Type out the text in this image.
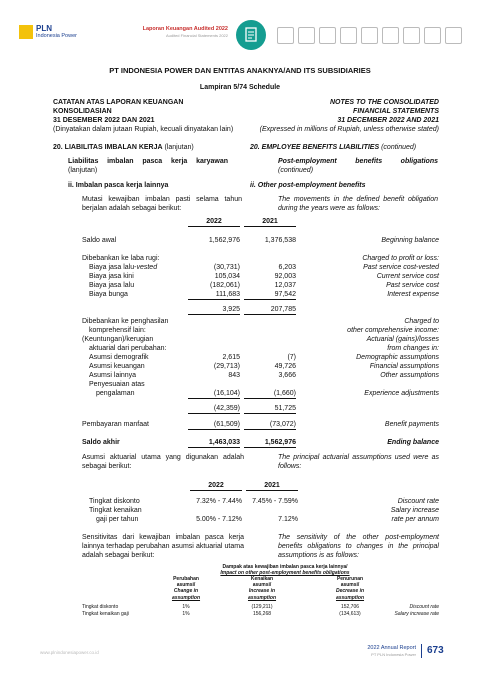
PLN
Indonesia Power
Laporan Keuangan Audited 2022
Audited Financial Statements 2022
PT INDONESIA POWER DAN ENTITAS ANAKNYA/AND ITS SUBSIDIARIES
Lampiran 5/74 Schedule
CATATAN ATAS LAPORAN KEUANGAN
KONSOLIDASIAN
31 DESEMBER 2022 DAN 2021
(Dinyatakan dalam jutaan Rupiah, kecuali dinyatakan lain)
NOTES TO THE CONSOLIDATED
FINANCIAL STATEMENTS
31 DECEMBER 2022 AND 2021
(Expressed in millions of Rupiah, unless otherwise stated)
20. LIABILITAS IMBALAN KERJA (lanjutan)	20. EMPLOYEE BENEFITS LIABILITIES (continued)
Liabilitas imbalan pasca kerja karyawan
(lanjutan)
Post-employment benefits obligations
(continued)
ii. Imbalan pasca kerja lainnya	ii. Other post-employment benefits
Mutasi kewajiban imbalan pasti selama tahun berjalan adalah sebagai berikut:
The movements in the defined benefit obligation during the years were as follows:
2022	2021
Saldo awal	1,562,976	1,376,538	Beginning balance
Dibebankan ke laba rugi:	Charged to profit or loss:
Biaya jasa lalu-vested	(30,731)	6,203	Past service cost-vested
Biaya jasa kini	105,034	92,003	Current service cost
Biaya jasa lalu	(182,061)	12,037	Past service cost
Biaya bunga	111,683	97,542	Interest expense
3,925	207,785
Dibebankan ke penghasilan
komprehensif lain:
(Keuntungan)/kerugian
aktuarial dari perubahan:
Charged to
other comprehensive income:
Actuarial (gains)/losses
from changes in:
Asumsi demografik	2,615	(7)	Demographic assumptions
Asumsi keuangan	(29,713)	49,726	Financial assumptions
Asumsi lainnya	843	3,666	Other assumptions
Penyesuaian atas
pengalaman	(16,104)	(1,660)	Experience adjustments
(42,359)	51,725
Pembayaran manfaat	(61,509)	(73,072)	Benefit payments
Saldo akhir	1,463,033	1,562,976	Ending balance
Asumsi aktuarial utama yang digunakan adalah sebagai berikut:
The principal actuarial assumptions used were as follows:
2022	2021
Tingkat diskonto	7.32% - 7.44%	7.45% - 7.59%	Discount rate
Tingkat kenaikan
gaji per tahun	5.00% - 7.12%	7.12%
Salary increase
rate per annum
Sensitivitas dari kewajiban imbalan pasca kerja lainnya terhadap perubahan asumsi aktuarial utama adalah sebagai berikut:
The sensitivity of the other post-employment benefits obligations to changes in the principal assumptions is as follows:
Dampak atas kewajiban imbalan pasca kerja lainnya/
Impact on other post-employment benefits obligations
Perubahan
asumsi/
Change in
assumption
Kenaikan
asumsi/
Increase in
assumption
Penurunan
asumsi/
Decrease in
assumption
Tingkat diskonto	1%	(129,211)	152,706	Discount rate
Tingkat kenaikan gaji	1%	156,268	(134,613)	Salary increase rate
www.plnindonesiapower.co.id
2022 Annual Report
PT PLN Indonesia Power 673
